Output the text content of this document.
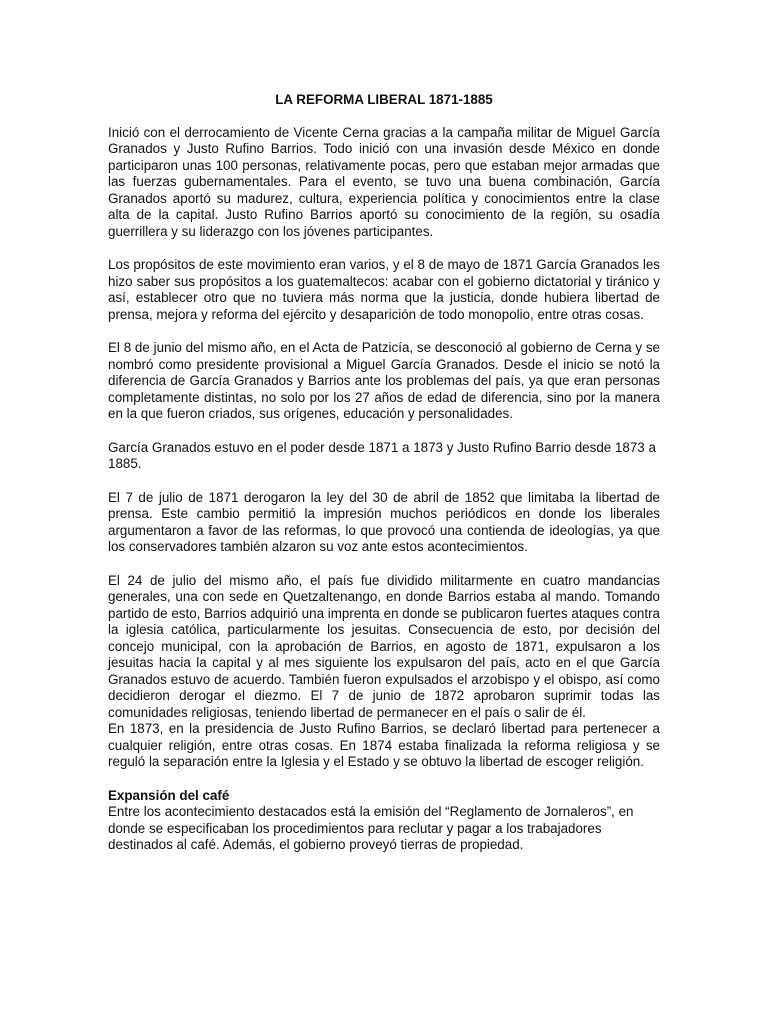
LA REFORMA LIBERAL 1871-1885

Inició con el derrocamiento de Vicente Cerna gracias a la campaña militar de Miguel García Granados y Justo Rufino Barrios. Todo inició con una invasión desde México en donde participaron unas 100 personas, relativamente pocas, pero que estaban mejor armadas que las fuerzas gubernamentales. Para el evento, se tuvo una buena combinación, García Granados aportó su madurez, cultura, experiencia política y conocimientos entre la clase alta de la capital. Justo Rufino Barrios aportó su conocimiento de la región, su osadía guerrillera y su liderazgo con los jóvenes participantes.

Los propósitos de este movimiento eran varios, y el 8 de mayo de 1871 García Granados les hizo saber sus propósitos a los guatemaltecos: acabar con el gobierno dictatorial y tiránico y así, establecer otro que no tuviera más norma que la justicia, donde hubiera libertad de prensa, mejora y reforma del ejército y desaparición de todo monopolio, entre otras cosas.

El 8 de junio del mismo año, en el Acta de Patzicía, se desconoció al gobierno de Cerna y se nombró como presidente provisional a Miguel García Granados. Desde el inicio se notó la diferencia de García Granados y Barrios ante los problemas del país, ya que eran personas completamente distintas, no solo por los 27 años de edad de diferencia, sino por la manera en la que fueron criados, sus orígenes, educación y personalidades.

García Granados estuvo en el poder desde 1871 a 1873 y Justo Rufino Barrio desde 1873 a 1885.

El 7 de julio de 1871 derogaron la ley del 30 de abril de 1852 que limitaba la libertad de prensa. Este cambio permitió la impresión muchos periódicos en donde los liberales argumentaron a favor de las reformas, lo que provocó una contienda de ideologías, ya que los conservadores también alzaron su voz ante estos acontecimientos.

El 24 de julio del mismo año, el país fue dividido militarmente en cuatro mandancias generales, una con sede en Quetzaltenango, en donde Barrios estaba al mando. Tomando partido de esto, Barrios adquirió una imprenta en donde se publicaron fuertes ataques contra la iglesia católica, particularmente los jesuitas. Consecuencia de esto, por decisión del concejo municipal, con la aprobación de Barrios, en agosto de 1871, expulsaron a los jesuitas hacia la capital y al mes siguiente los expulsaron del país, acto en el que García Granados estuvo de acuerdo. También fueron expulsados el arzobispo y el obispo, así como decidieron derogar el diezmo. El 7 de junio de 1872 aprobaron suprimir todas las comunidades religiosas, teniendo libertad de permanecer en el país o salir de él.

En 1873, en la presidencia de Justo Rufino Barrios, se declaró libertad para pertenecer a cualquier religión, entre otras cosas. En 1874 estaba finalizada la reforma religiosa y se reguló la separación entre la Iglesia y el Estado y se obtuvo la libertad de escoger religión.

Expansión del café

Entre los acontecimiento destacados está la emisión del “Reglamento de Jornaleros”, en donde se especificaban los procedimientos para reclutar y pagar a los trabajadores destinados al café. Además, el gobierno proveyó tierras de propiedad.
